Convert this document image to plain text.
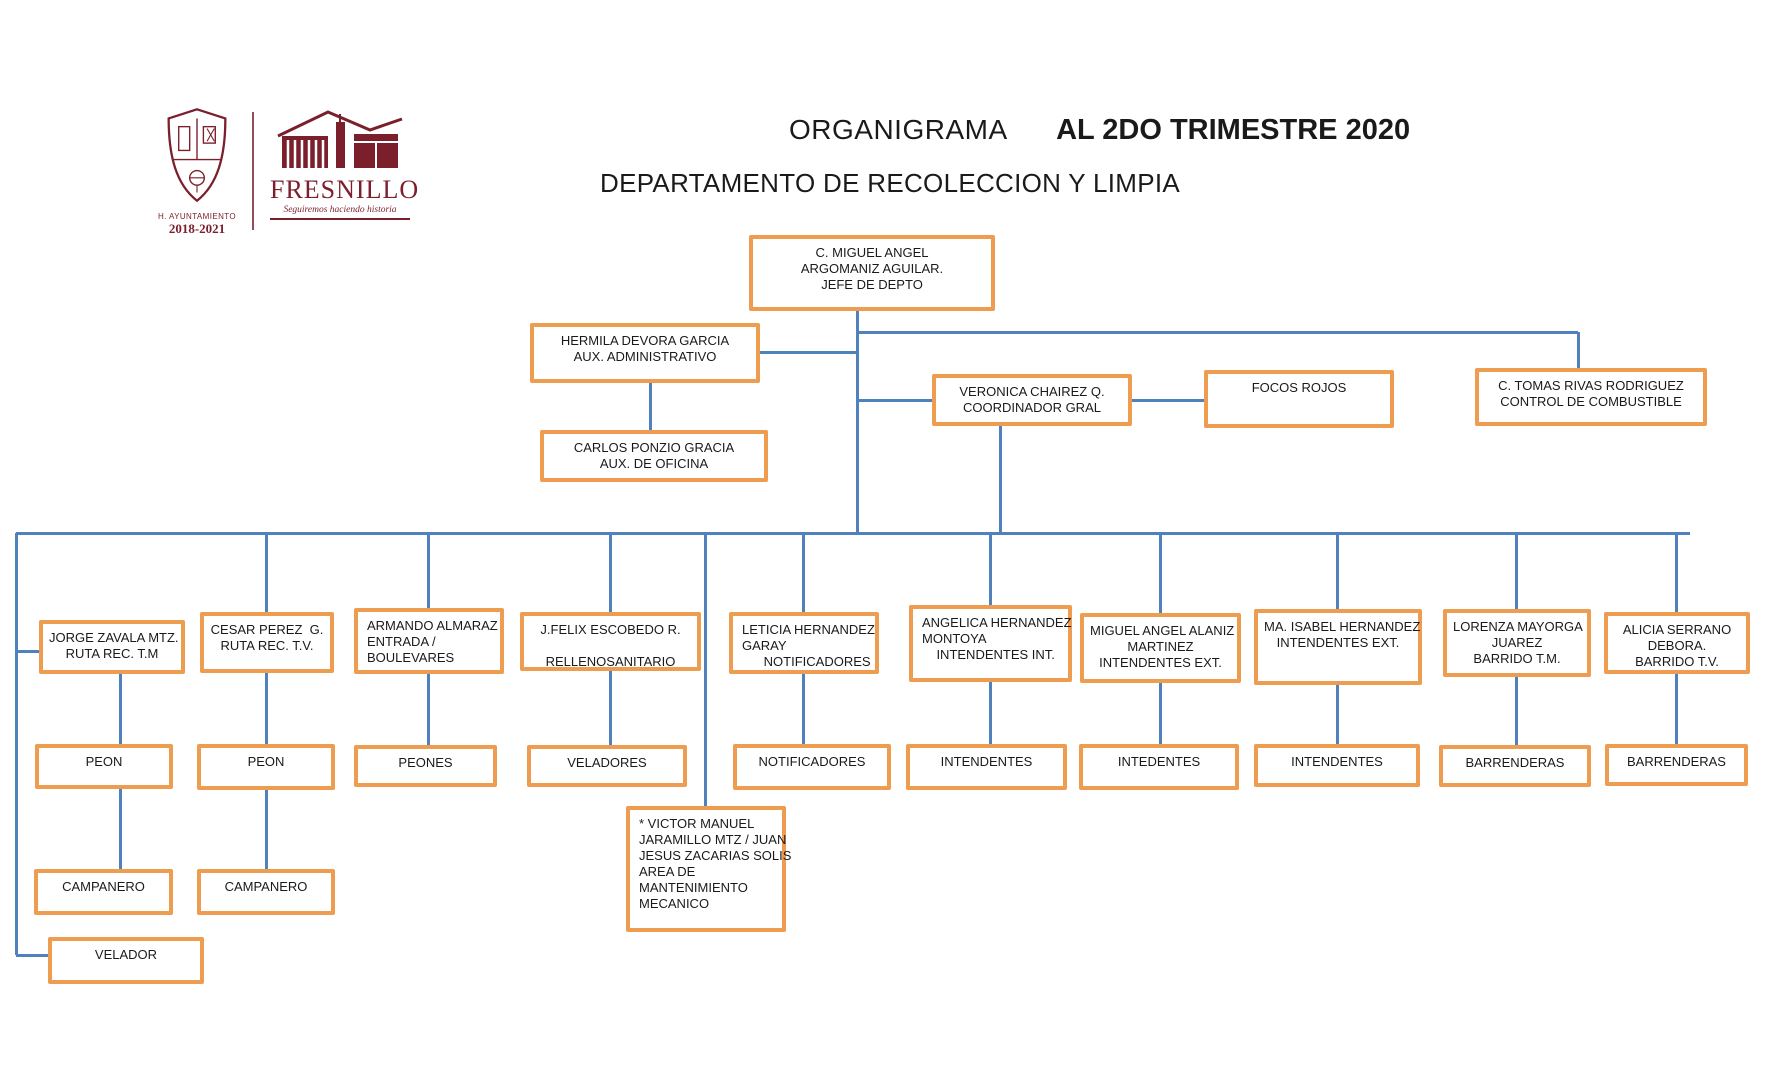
H. AYUNTAMIENTO
2018-2021
FRESNILLO
Seguiremos haciendo historia
ORGANIGRAMA AL 2DO TRIMESTRE 2020
DEPARTAMENTO DE RECOLECCION Y LIMPIA
C. MIGUEL ANGEL
ARGOMANIZ AGUILAR.
JEFE DE DEPTO
HERMILA DEVORA GARCIA
AUX. ADMINISTRATIVO
CARLOS PONZIO GRACIA
AUX. DE OFICINA
VERONICA CHAIREZ Q.
COORDINADOR GRAL
FOCOS ROJOS	C. TOMAS RIVAS RODRIGUEZ
CONTROL DE COMBUSTIBLE
JORGE ZAVALA MTZ.
RUTA REC. T.M
CESAR PEREZ  G.
RUTA REC. T.V.
ARMANDO ALMARAZ
ENTRADA /
BOULEVARES
J.FELIX ESCOBEDO R.

RELLENOSANITARIO
LETICIA HERNANDEZ
GARAY
NOTIFICADORES
ANGELICA HERNANDEZ
MONTOYA
INTENDENTES INT.
MIGUEL ANGEL ALANIZ
MARTINEZ
INTENDENTES EXT.
MA. ISABEL HERNANDEZ
INTENDENTES EXT.
LORENZA MAYORGA
JUAREZ
BARRIDO T.M.
ALICIA SERRANO
DEBORA.
BARRIDO T.V.
PEON	PEON	PEONES	VELADORES	NOTIFICADORES	INTENDENTES	INTEDENTES	INTENDENTES	BARRENDERAS	BARRENDERAS
* VICTOR MANUEL
JARAMILLO MTZ / JUAN
JESUS ZACARIAS SOLIS
AREA DE
MANTENIMIENTO
MECANICO
CAMPANERO	CAMPANERO
VELADOR
